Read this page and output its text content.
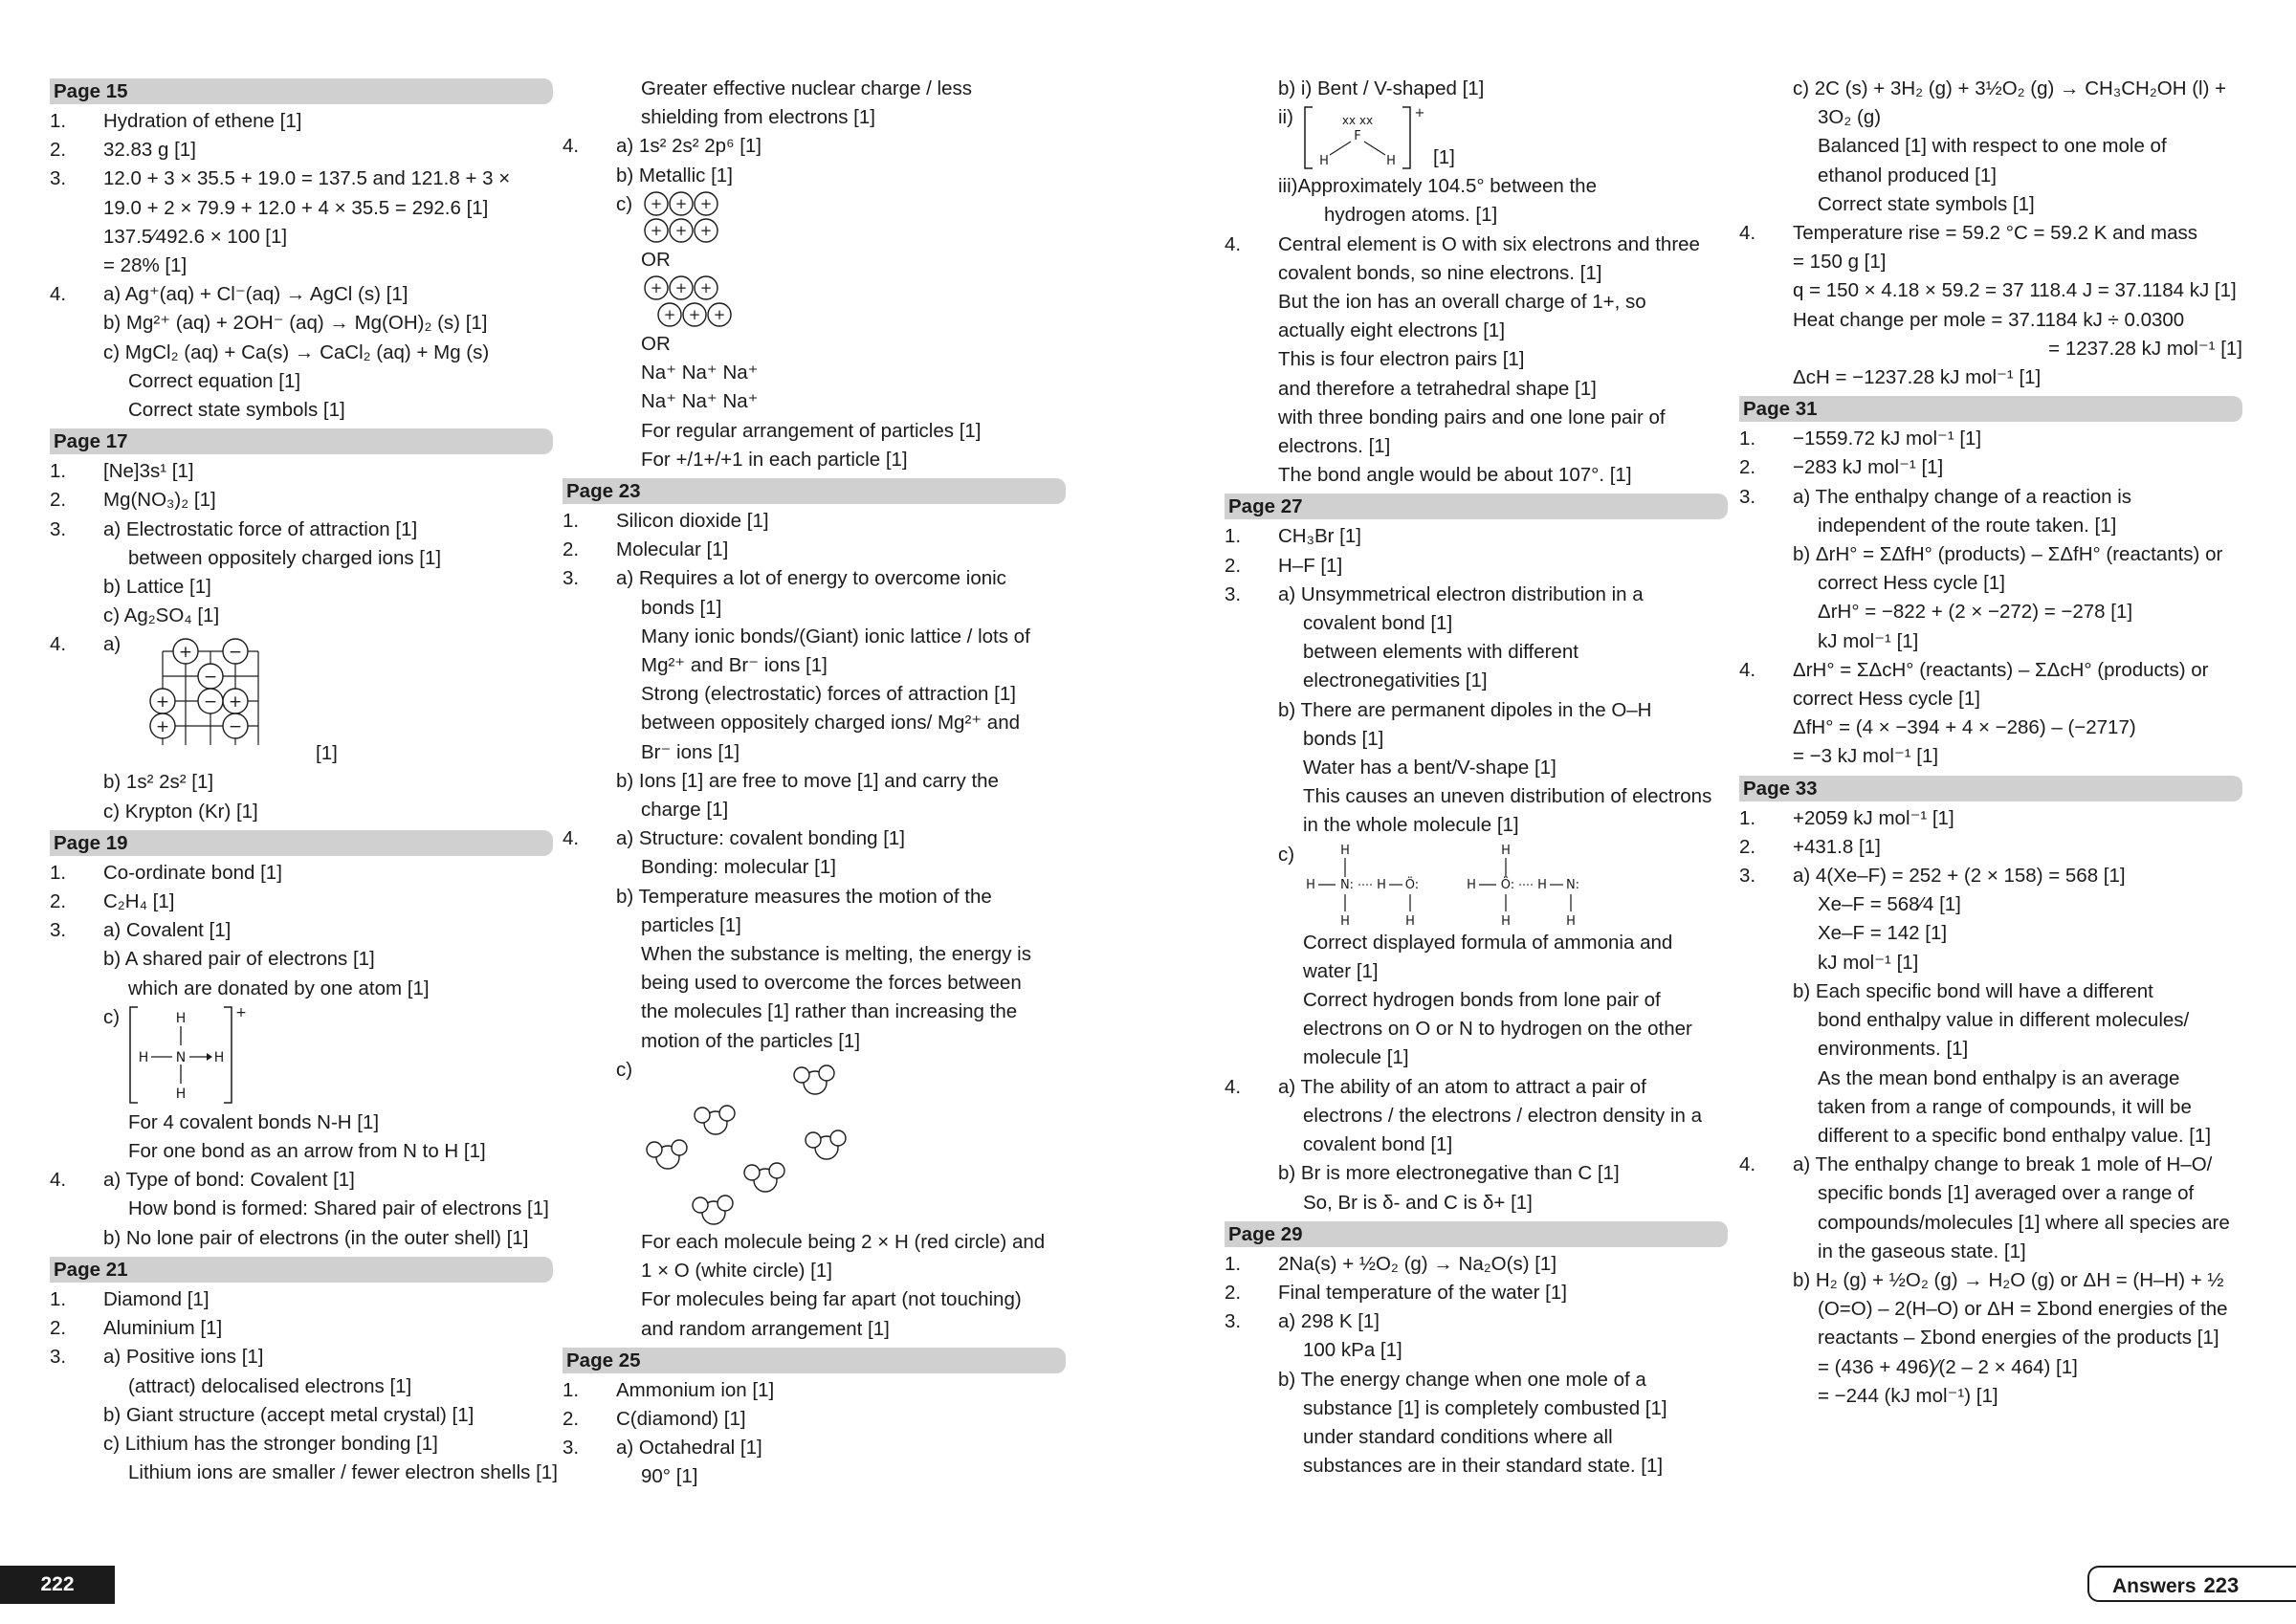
Page 15
1. Hydration of ethene [1]
2. 32.83 g [1]
3. 12.0 + 3 × 35.5 + 19.0 = 137.5 and 121.8 + 3 ×
19.0 + 2 × 79.9 + 12.0 + 4 × 35.5 = 292.6 [1]
137.5⁄492.6 × 100 [1]
= 28% [1]
4. a) Ag⁺(aq) + Cl⁻(aq) → AgCl (s) [1]
b) Mg²⁺ (aq) + 2OH⁻ (aq) → Mg(OH)₂ (s) [1]
c) MgCl₂ (aq) + Ca(s) → CaCl₂ (aq) + Mg (s)
Correct equation [1]
Correct state symbols [1]
Page 17
1. [Ne]3s¹ [1]
2. Mg(NO₃)₂ [1]
3. a) Electrostatic force of attraction [1]
between oppositely charged ions [1]
b) Lattice [1]
c) Ag₂SO₄ [1]
4.	a)	+ −
−
+ − +
+	−
[1]
b) 1s² 2s² [1]
c) Krypton (Kr) [1]
Page 19
1. Co-ordinate bond [1]
2. C₂H₄ [1]
3. a) Covalent [1]
b) A shared pair of electrons [1]
which are donated by one atom [1]
c)	H
H N H
H
+
For 4 covalent bonds N-H [1]
For one bond as an arrow from N to H [1]
4. a) Type of bond: Covalent [1]
How bond is formed: Shared pair of electrons [1]
b) No lone pair of electrons (in the outer shell) [1]
Page 21
1. Diamond [1]
2. Aluminium [1]
3. a) Positive ions [1]
(attract) delocalised electrons [1]
b) Giant structure (accept metal crystal) [1]
c) Lithium has the stronger bonding [1]
Lithium ions are smaller / fewer electron shells [1]
Greater effective nuclear charge / less
shielding from electrons [1]
4. a) 1s² 2s² 2p⁶ [1]
b) Metallic [1]
c)	+ + +
+ + +
OR
+ + +
+ + +
OR
Na⁺ Na⁺ Na⁺
Na⁺ Na⁺ Na⁺
For regular arrangement of particles [1]
For +/1+/+1 in each particle [1]
Page 23
1. Silicon dioxide [1]
2. Molecular [1]
3. a) Requires a lot of energy to overcome ionic
bonds [1]
Many ionic bonds/(Giant) ionic lattice / lots of
Mg²⁺ and Br⁻ ions [1]
Strong (electrostatic) forces of attraction [1]
between oppositely charged ions/ Mg²⁺ and
Br⁻ ions [1]
b) Ions [1] are free to move [1] and carry the
charge [1]
4. a) Structure: covalent bonding [1]
Bonding: molecular [1]
b) Temperature measures the motion of the
particles [1]
When the substance is melting, the energy is
being used to overcome the forces between
the molecules [1] rather than increasing the
motion of the particles [1]
c)
For each molecule being 2 × H (red circle) and
1 × O (white circle) [1]
For molecules being far apart (not touching)
and random arrangement [1]
Page 25
1. Ammonium ion [1]
2. C(diamond) [1]
3. a) Octahedral [1]
90° [1]
b) i) Bent / V-shaped [1]
ii)	xx xx
F
H	H
+
[1]
iii)Approximately 104.5° between the
hydrogen atoms. [1]
4. Central element is O with six electrons and three
covalent bonds, so nine electrons. [1]
But the ion has an overall charge of 1+, so
actually eight electrons [1]
This is four electron pairs [1]
and therefore a tetrahedral shape [1]
with three bonding pairs and one lone pair of
electrons. [1]
The bond angle would be about 107°. [1]
Page 27
1. CH₃Br [1]
2. H–F [1]
3. a) Unsymmetrical electron distribution in a
covalent bond [1]
between elements with different
electronegativities [1]
b) There are permanent dipoles in the O–H
bonds [1]
Water has a bent/V-shape [1]
This causes an uneven distribution of electrons
in the whole molecule [1]
c)	H
H N: H Ö:
H	H
H
H Ö: H N:
H	H
Correct displayed formula of ammonia and
water [1]
Correct hydrogen bonds from lone pair of
electrons on O or N to hydrogen on the other
molecule [1]
4. a) The ability of an atom to attract a pair of
electrons / the electrons / electron density in a
covalent bond [1]
b) Br is more electronegative than C [1]
So, Br is δ- and C is δ+ [1]
Page 29
1. 2Na(s) + ½O₂ (g) → Na₂O(s) [1]
2. Final temperature of the water [1]
3. a) 298 K [1]
100 kPa [1]
b) The energy change when one mole of a
substance [1] is completely combusted [1]
under standard conditions where all
substances are in their standard state. [1]
c) 2C (s) + 3H₂ (g) + 3½O₂ (g) → CH₃CH₂OH (l) +
3O₂ (g)
Balanced [1] with respect to one mole of
ethanol produced [1]
Correct state symbols [1]
4. Temperature rise = 59.2 °C = 59.2 K and mass
= 150 g [1]
q = 150 × 4.18 × 59.2 = 37 118.4 J = 37.1184 kJ [1]
Heat change per mole = 37.1184 kJ ÷ 0.0300
= 1237.28 kJ mol⁻¹ [1]
ΔcH = −1237.28 kJ mol⁻¹ [1]
Page 31
1. −1559.72 kJ mol⁻¹ [1]
2. −283 kJ mol⁻¹ [1]
3. a) The enthalpy change of a reaction is
independent of the route taken. [1]
b) ΔrH° = ΣΔfH° (products) – ΣΔfH° (reactants) or
correct Hess cycle [1]
ΔrH° = −822 + (2 × −272) = −278 [1]
kJ mol⁻¹ [1]
4. ΔrH° = ΣΔcH° (reactants) – ΣΔcH° (products) or
correct Hess cycle [1]
ΔfH° = (4 × −394 + 4 × −286) – (−2717)
= −3 kJ mol⁻¹ [1]
Page 33
1. +2059 kJ mol⁻¹ [1]
2. +431.8 [1]
3. a) 4(Xe–F) = 252 + (2 × 158) = 568 [1]
Xe–F = 568⁄4 [1]
Xe–F = 142 [1]
kJ mol⁻¹ [1]
b) Each specific bond will have a different
bond enthalpy value in different molecules/
environments. [1]
As the mean bond enthalpy is an average
taken from a range of compounds, it will be
different to a specific bond enthalpy value. [1]
4. a) The enthalpy change to break 1 mole of H–O/
specific bonds [1] averaged over a range of
compounds/molecules [1] where all species are
in the gaseous state. [1]
b) H₂ (g) + ½O₂ (g) → H₂O (g) or ΔH = (H–H) + ½
(O=O) – 2(H–O) or ΔH = Σbond energies of the
reactants – Σbond energies of the products [1]
= (436 + 496)⁄(2 – 2 × 464) [1]
= −244 (kJ mol⁻¹) [1]
222	Answers 223
